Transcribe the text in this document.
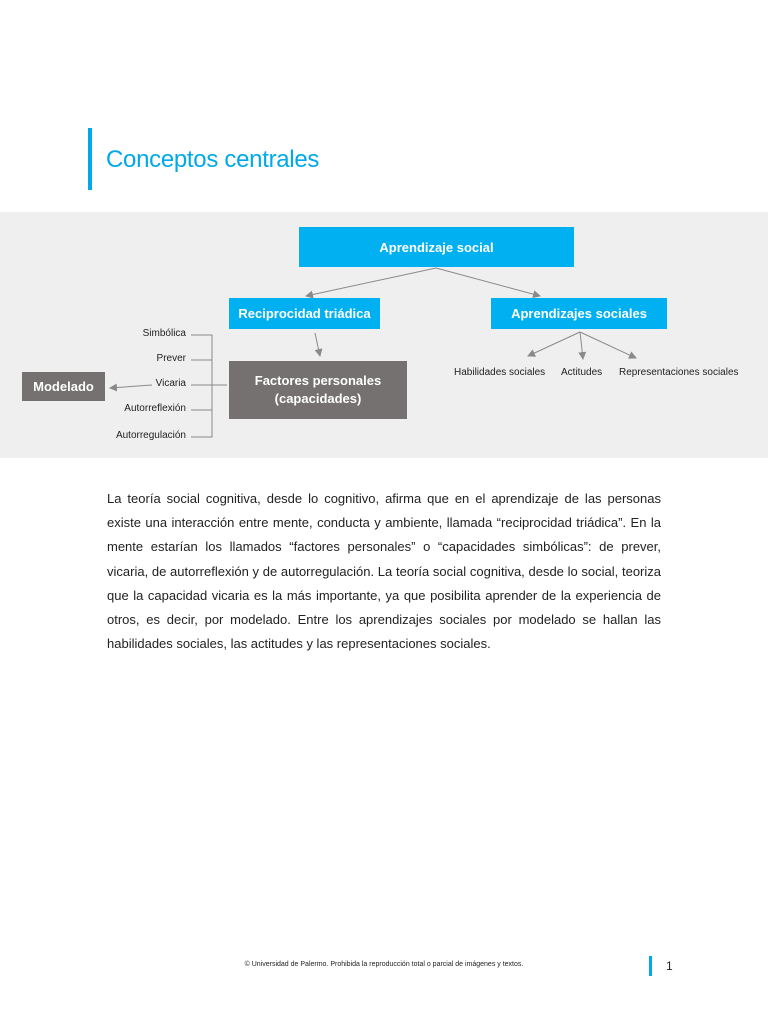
Conceptos centrales
Aprendizaje social
Reciprocidad triádica	Aprendizajes sociales
Factores personales
(capacidades)
Modelado
Simbólica
Prever
Vicaria
Autorreflexión
Autorregulación
Habilidades sociales Actitudes Representaciones sociales

La teoría social cognitiva, desde lo cognitivo, afirma que en el aprendizaje de las personas existe una interacción entre mente, conducta y ambiente, llamada “reciprocidad triádica”. En la mente estarían los llamados “factores personales” o “capacidades simbólicas”: de prever, vicaria, de autorreflexión y de autorregulación. La teoría social cognitiva, desde lo social, teoriza que la capacidad vicaria es la más importante, ya que posibilita aprender de la experiencia de otros, es decir, por modelado. Entre los aprendizajes sociales por modelado se hallan las habilidades sociales, las actitudes y las representaciones sociales.

© Universidad de Palermo. Prohibida la reproducción total o parcial de imágenes y textos.	1
